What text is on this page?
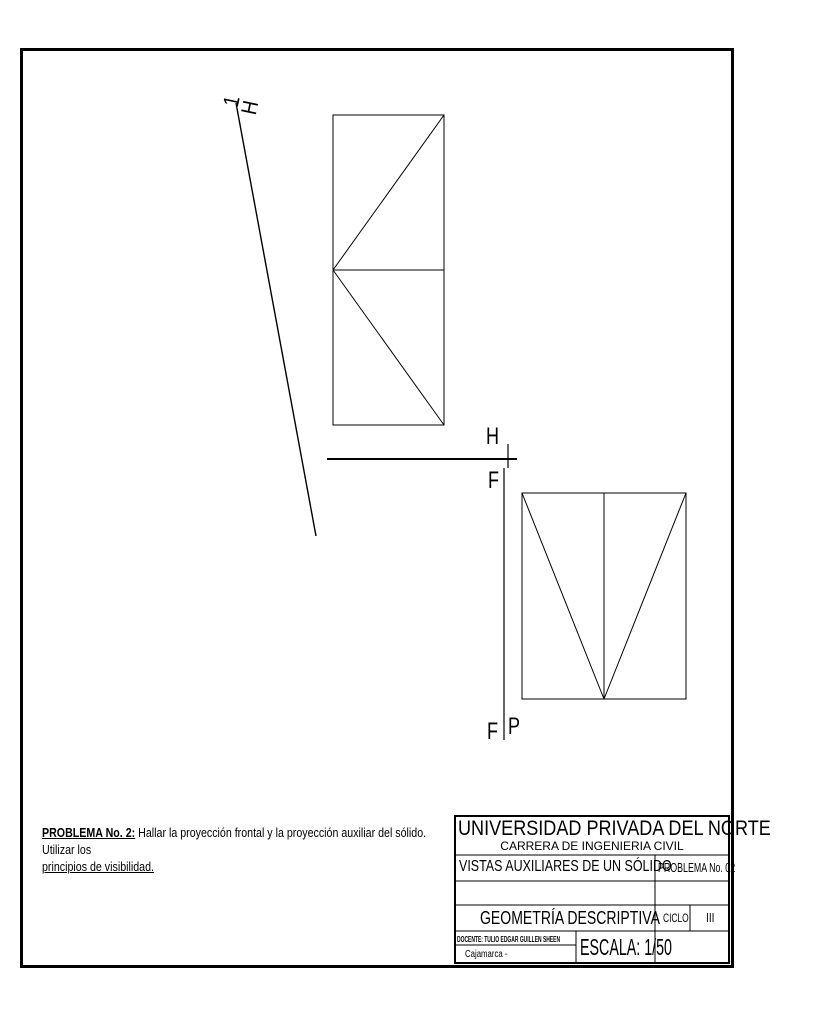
1
H
H
F
F P
PROBLEMA No. 2: Hallar la proyección frontal y la proyección auxiliar del sólido. Utilizar los
principios de visibilidad.
UNIVERSIDAD PRIVADA DEL NORTE
CARRERA DE INGENIERIA CIVIL
VISTAS AUXILIARES DE UN SÓLIDO
PROBLEMA No. 02
GEOMETRÍA DESCRIPTIVA CICLO	III
DOCENTE: TULIO EDGAR GUILLEN SHEEN
Cajamarca -	ESCALA: 1/50
